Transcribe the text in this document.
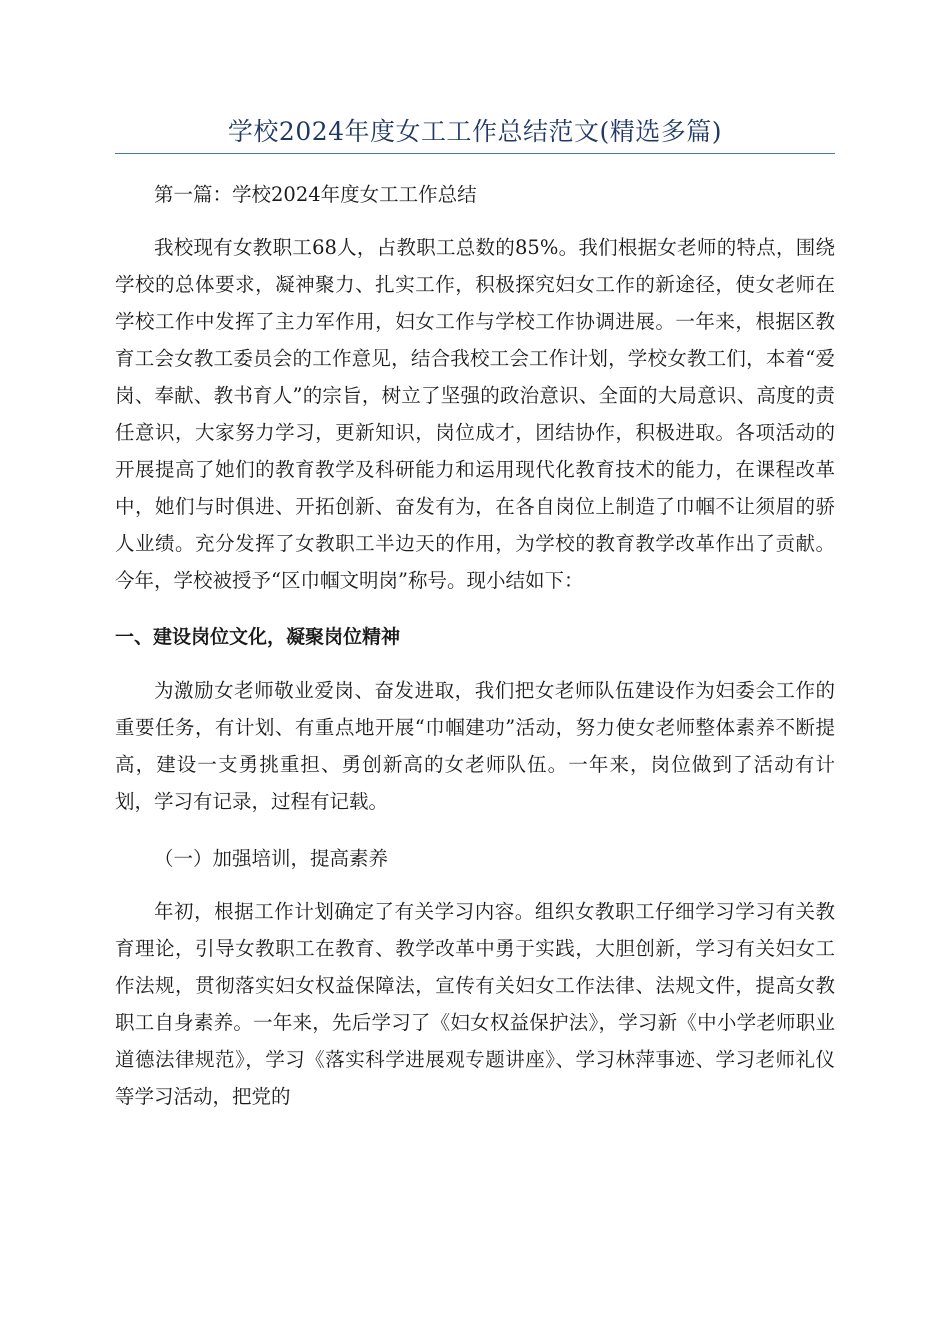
学校2024年度女工工作总结范文(精选多篇)

第一篇：学校2024年度女工工作总结

我校现有女教职工68人，占教职工总数的85%。我们根据女老师的特点，围绕学校的总体要求，凝神聚力、扎实工作，积极探究妇女工作的新途径，使女老师在学校工作中发挥了主力军作用，妇女工作与学校工作协调进展。一年来，根据区教育工会女教工委员会的工作意见，结合我校工会工作计划，学校女教工们，本着“爱岗、奉献、教书育人”的宗旨，树立了坚强的政治意识、全面的大局意识、高度的责任意识，大家努力学习，更新知识，岗位成才，团结协作，积极进取。各项活动的开展提高了她们的教育教学及科研能力和运用现代化教育技术的能力，在课程改革中，她们与时俱进、开拓创新、奋发有为，在各自岗位上制造了巾帼不让须眉的骄人业绩。充分发挥了女教职工半边天的作用，为学校的教育教学改革作出了贡献。今年，学校被授予“区巾帼文明岗”称号。现小结如下：

一、建设岗位文化，凝聚岗位精神

为激励女老师敬业爱岗、奋发进取，我们把女老师队伍建设作为妇委会工作的重要任务，有计划、有重点地开展“巾帼建功”活动，努力使女老师整体素养不断提高，建设一支勇挑重担、勇创新高的女老师队伍。一年来，岗位做到了活动有计划，学习有记录，过程有记载。

（一）加强培训，提高素养

年初，根据工作计划确定了有关学习内容。组织女教职工仔细学习学习有关教育理论，引导女教职工在教育、教学改革中勇于实践，大胆创新，学习有关妇女工作法规，贯彻落实妇女权益保障法，宣传有关妇女工作法律、法规文件，提高女教职工自身素养。一年来，先后学习了《妇女权益保护法》，学习新《中小学老师职业道德法律规范》，学习《落实科学进展观专题讲座》、学习林萍事迹、学习老师礼仪等学习活动，把党的
